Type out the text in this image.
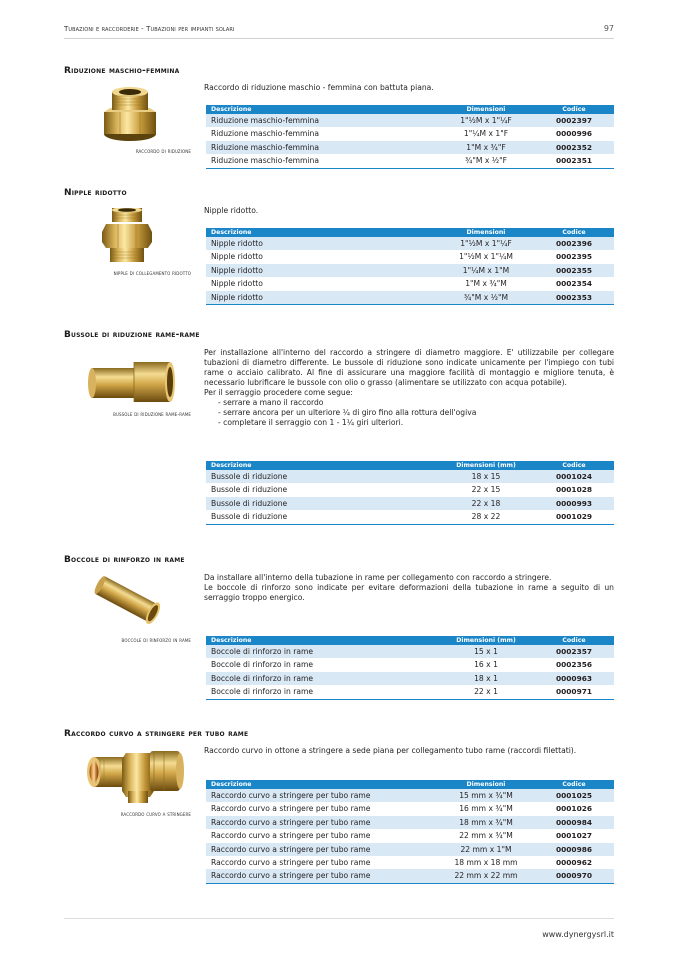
Tubazioni e raccorderie - Tubazioni per impianti solari	97
Riduzione maschio-femmina
raccordo di riduzione
Raccordo di riduzione maschio - femmina con battuta piana.
Descrizione	Dimensioni	Codice
Riduzione maschio-femmina	1"½M x 1"¼F	0002397
Riduzione maschio-femmina	1"¼M x 1"F	0000996
Riduzione maschio-femmina	1"M x ¾"F	0002352
Riduzione maschio-femmina	¾"M x ½"F	0002351
Nipple ridotto
nipple di collegamento ridotto
Nipple ridotto.
Descrizione	Dimensioni	Codice
Nipple ridotto	1"½M x 1"¼F	0002396
Nipple ridotto	1"½M x 1"¼M	0002395
Nipple ridotto	1"¼M x 1"M	0002355
Nipple ridotto	1"M x ¾"M	0002354
Nipple ridotto	¾"M x ½"M	0002353
Bussole di riduzione rame-rame
bussole di riduzione rame-rame
Per installazione all'interno del raccordo a stringere di diametro maggiore. E' utilizzabile per collegare tubazioni di diametro differente. Le bussole di riduzione sono indicate unicamente per l'impiego con tubi rame o acciaio calibrato. Al fine di assicurare una maggiore facilità di montaggio e migliore tenuta, è necessario lubrificare le bussole con olio o grasso (alimentare se utilizzato con acqua potabile).
Per il serraggio procedere come segue:
- serrare a mano il raccordo
- serrare ancora per un ulteriore ¼ di giro fino alla rottura dell'ogiva
- completare il serraggio con 1 - 1¼ giri ulteriori.
Descrizione	Dimensioni (mm)	Codice
Bussole di riduzione	18 x 15	0001024
Bussole di riduzione	22 x 15	0001028
Bussole di riduzione	22 x 18	0000993
Bussole di riduzione	28 x 22	0001029
Boccole di rinforzo in rame
boccole di rinforzo in rame
Da installare all'interno della tubazione in rame per collegamento con raccordo a stringere.
Le boccole di rinforzo sono indicate per evitare deformazioni della tubazione in rame a seguito di un serraggio troppo energico.
Descrizione	Dimensioni (mm)	Codice
Boccole di rinforzo in rame	15 x 1	0002357
Boccole di rinforzo in rame	16 x 1	0002356
Boccole di rinforzo in rame	18 x 1	0000963
Boccole di rinforzo in rame	22 x 1	0000971
Raccordo curvo a stringere per tubo rame
raccordo curvo a stringere
Raccordo curvo in ottone a stringere a sede piana per collegamento tubo rame (raccordi filettati).
Descrizione	Dimensioni	Codice
Raccordo curvo a stringere per tubo rame	15 mm x ¾"M	0001025
Raccordo curvo a stringere per tubo rame	16 mm x ¾"M	0001026
Raccordo curvo a stringere per tubo rame	18 mm x ¾"M	0000984
Raccordo curvo a stringere per tubo rame	22 mm x ¾"M	0001027
Raccordo curvo a stringere per tubo rame	22 mm x 1"M	0000986
Raccordo curvo a stringere per tubo rame	18 mm x 18 mm	0000962
Raccordo curvo a stringere per tubo rame	22 mm x 22 mm	0000970
www.dynergysrl.it
